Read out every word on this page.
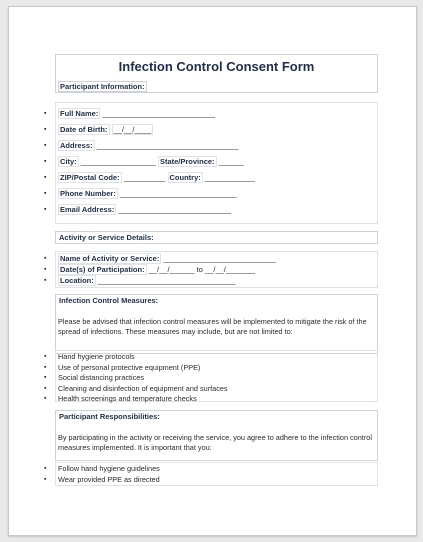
Infection Control Consent Form
Participant Information:
▪ Full Name: ___________________________
▪ Date of Birth: __/__/____
▪ Address: __________________________________
▪ City: __________________ State/Province: ______
▪ ZIP/Postal Code: __________ Country: ____________
▪ Phone Number: ____________________________
▪ Email Address: ___________________________
Activity or Service Details:
▪ Name of Activity or Service: ___________________________
▪ Date(s) of Participation: __/__/______ to __/__/_______
▪ Location: _________________________________
Infection Control Measures:
Please be advised that infection control measures will be implemented to mitigate the risk of the spread of infections. These measures may include, but are not limited to:
▪ Hand hygiene protocols
▪ Use of personal protective equipment (PPE)
▪ Social distancing practices
▪ Cleaning and disinfection of equipment and surfaces
▪ Health screenings and temperature checks
Participant Responsibilities:
By participating in the activity or receiving the service, you agree to adhere to the infection control measures implemented. It is important that you:
▪ Follow hand hygiene guidelines
▪ Wear provided PPE as directed
